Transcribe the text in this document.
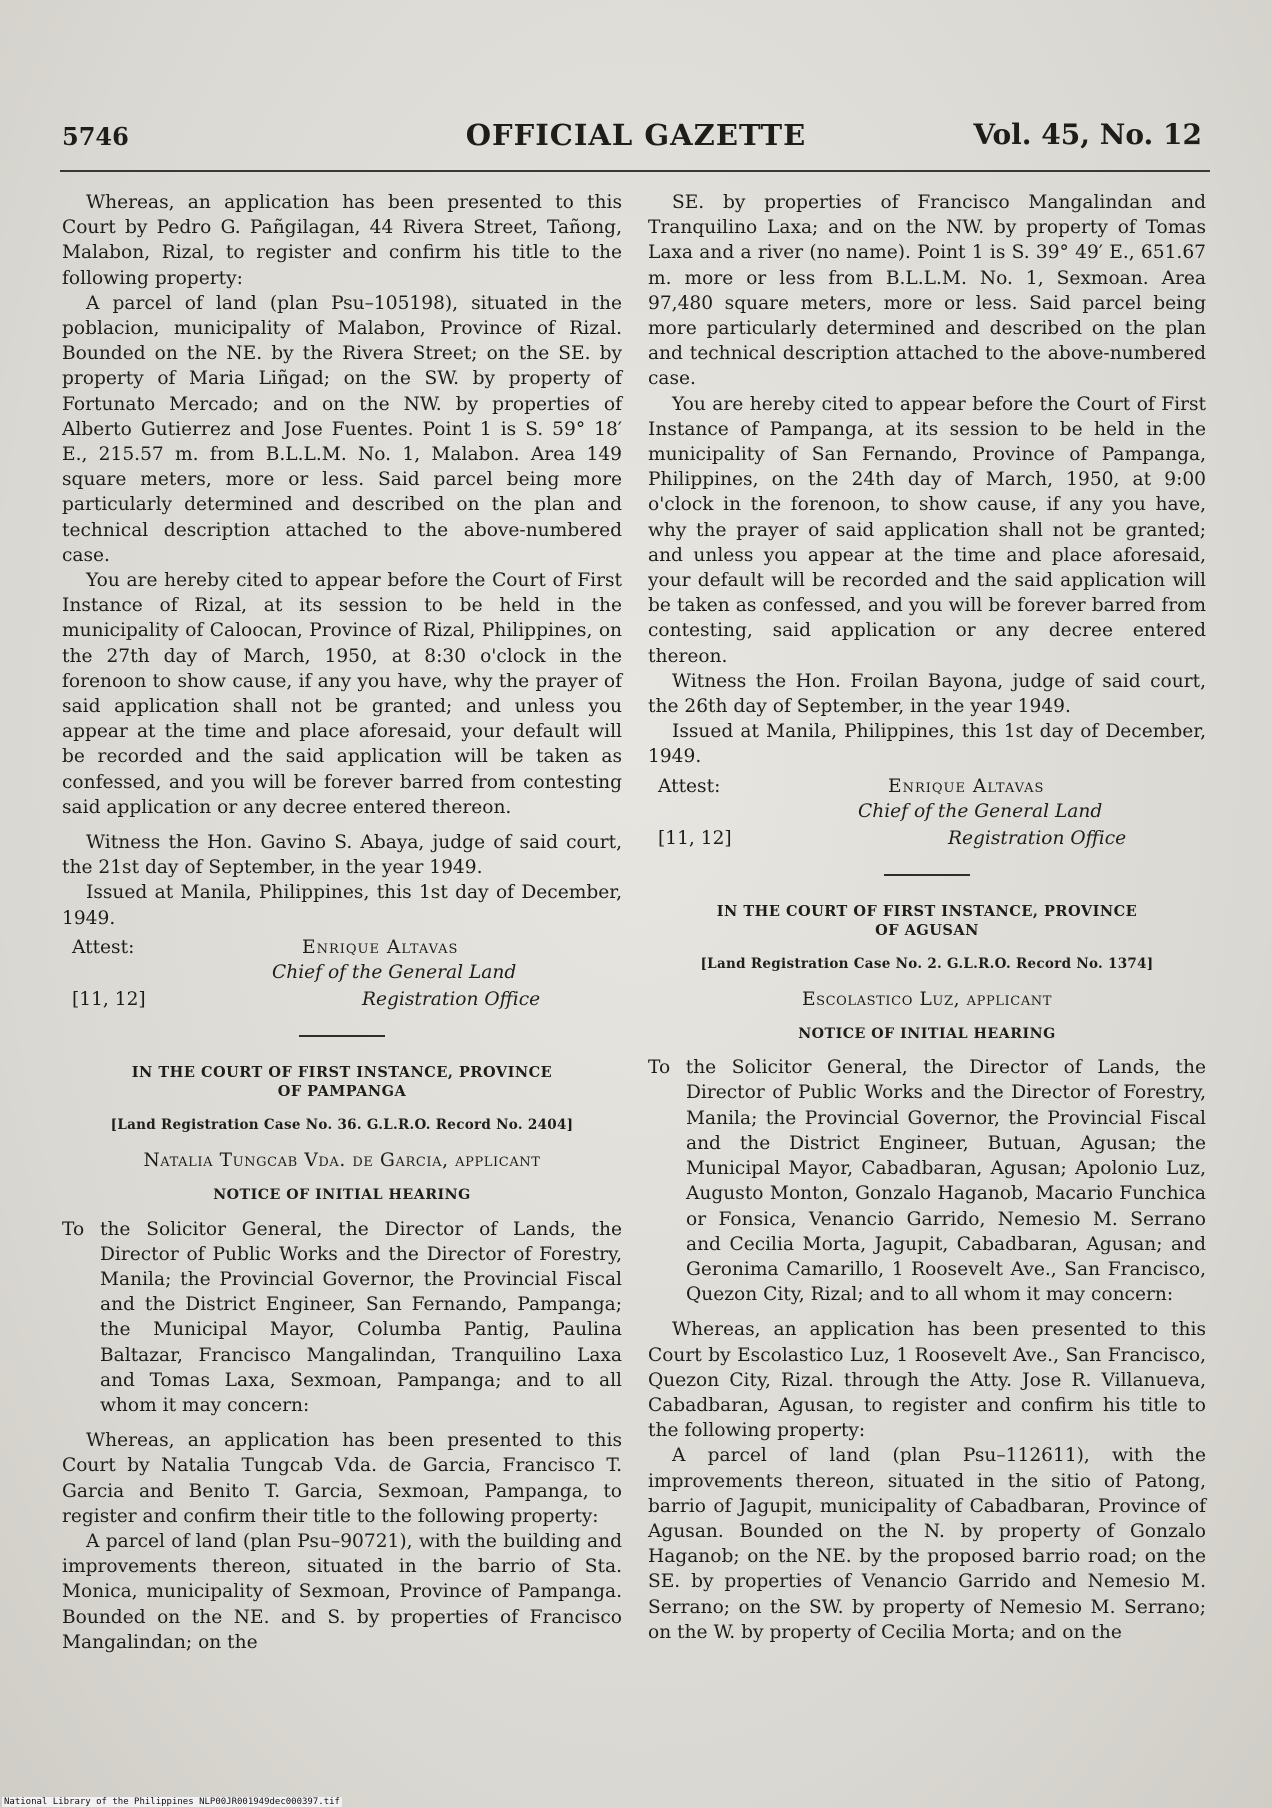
5746	OFFICIAL GAZETTE	Vol. 45, No. 12

Whereas, an application has been presented to this Court by Pedro G. Pañgilagan, 44 Rivera Street, Tañong, Malabon, Rizal, to register and confirm his title to the following property:

A parcel of land (plan Psu–105198), situated in the poblacion, municipality of Malabon, Province of Rizal. Bounded on the NE. by the Rivera Street; on the SE. by property of Maria Liñgad; on the SW. by property of Fortunato Mercado; and on the NW. by properties of Alberto Gutierrez and Jose Fuentes. Point 1 is S. 59° 18′ E., 215.57 m. from B.L.L.M. No. 1, Malabon. Area 149 square meters, more or less. Said parcel being more particularly determined and described on the plan and technical description attached to the above-numbered case.

You are hereby cited to appear before the Court of First Instance of Rizal, at its session to be held in the municipality of Caloocan, Province of Rizal, Philippines, on the 27th day of March, 1950, at 8:30 o'clock in the forenoon to show cause, if any you have, why the prayer of said application shall not be granted; and unless you appear at the time and place aforesaid, your default will be recorded and the said application will be taken as confessed, and you will be forever barred from contesting said application or any decree entered thereon.

Witness the Hon. Gavino S. Abaya, judge of said court, the 21st day of September, in the year 1949.

Issued at Manila, Philippines, this 1st day of December, 1949.

Attest:	Enrique Altavas
Chief of the General Land
[11, 12]	Registration Office
IN THE COURT OF FIRST INSTANCE, PROVINCE
OF PAMPANGA
[Land Registration Case No. 36. G.L.R.O. Record No. 2404]
Natalia Tungcab Vda. de Garcia, applicant
NOTICE OF INITIAL HEARING

To the Solicitor General, the Director of Lands, the Director of Public Works and the Director of Forestry, Manila; the Provincial Governor, the Provincial Fiscal and the District Engineer, San Fernando, Pampanga; the Municipal Mayor, Columba Pantig, Paulina Baltazar, Francisco Mangalindan, Tranquilino Laxa and Tomas Laxa, Sexmoan, Pampanga; and to all whom it may concern:

Whereas, an application has been presented to this Court by Natalia Tungcab Vda. de Garcia, Francisco T. Garcia and Benito T. Garcia, Sexmoan, Pampanga, to register and confirm their title to the following property:

A parcel of land (plan Psu–90721), with the building and improvements thereon, situated in the barrio of Sta. Monica, municipality of Sexmoan, Province of Pampanga. Bounded on the NE. and S. by properties of Francisco Mangalindan; on the

SE. by properties of Francisco Mangalindan and Tranquilino Laxa; and on the NW. by property of Tomas Laxa and a river (no name). Point 1 is S. 39° 49′ E., 651.67 m. more or less from B.L.L.M. No. 1, Sexmoan. Area 97,480 square meters, more or less. Said parcel being more particularly determined and described on the plan and technical description attached to the above-numbered case.

You are hereby cited to appear before the Court of First Instance of Pampanga, at its session to be held in the municipality of San Fernando, Province of Pampanga, Philippines, on the 24th day of March, 1950, at 9:00 o'clock in the forenoon, to show cause, if any you have, why the prayer of said application shall not be granted; and unless you appear at the time and place aforesaid, your default will be recorded and the said application will be taken as confessed, and you will be forever barred from contesting, said application or any decree entered thereon.

Witness the Hon. Froilan Bayona, judge of said court, the 26th day of September, in the year 1949.

Issued at Manila, Philippines, this 1st day of December, 1949.

Attest:	Enrique Altavas
Chief of the General Land
[11, 12]	Registration Office
IN THE COURT OF FIRST INSTANCE, PROVINCE
OF AGUSAN
[Land Registration Case No. 2. G.L.R.O. Record No. 1374]
Escolastico Luz, applicant
NOTICE OF INITIAL HEARING

To the Solicitor General, the Director of Lands, the Director of Public Works and the Director of Forestry, Manila; the Provincial Governor, the Provincial Fiscal and the District Engineer, Butuan, Agusan; the Municipal Mayor, Cabadbaran, Agusan; Apolonio Luz, Augusto Monton, Gonzalo Haganob, Macario Funchica or Fonsica, Venancio Garrido, Nemesio M. Serrano and Cecilia Morta, Jagupit, Cabadbaran, Agusan; and Geronima Camarillo, 1 Roosevelt Ave., San Francisco, Quezon City, Rizal; and to all whom it may concern:

Whereas, an application has been presented to this Court by Escolastico Luz, 1 Roosevelt Ave., San Francisco, Quezon City, Rizal. through the Atty. Jose R. Villanueva, Cabadbaran, Agusan, to register and confirm his title to the following property:

A parcel of land (plan Psu–112611), with the improvements thereon, situated in the sitio of Patong, barrio of Jagupit, municipality of Cabadbaran, Province of Agusan. Bounded on the N. by property of Gonzalo Haganob; on the NE. by the proposed barrio road; on the SE. by properties of Venancio Garrido and Nemesio M. Serrano; on the SW. by property of Nemesio M. Serrano; on the W. by property of Cecilia Morta; and on the

National Library of the Philippines NLP00JR001949dec000397.tif
